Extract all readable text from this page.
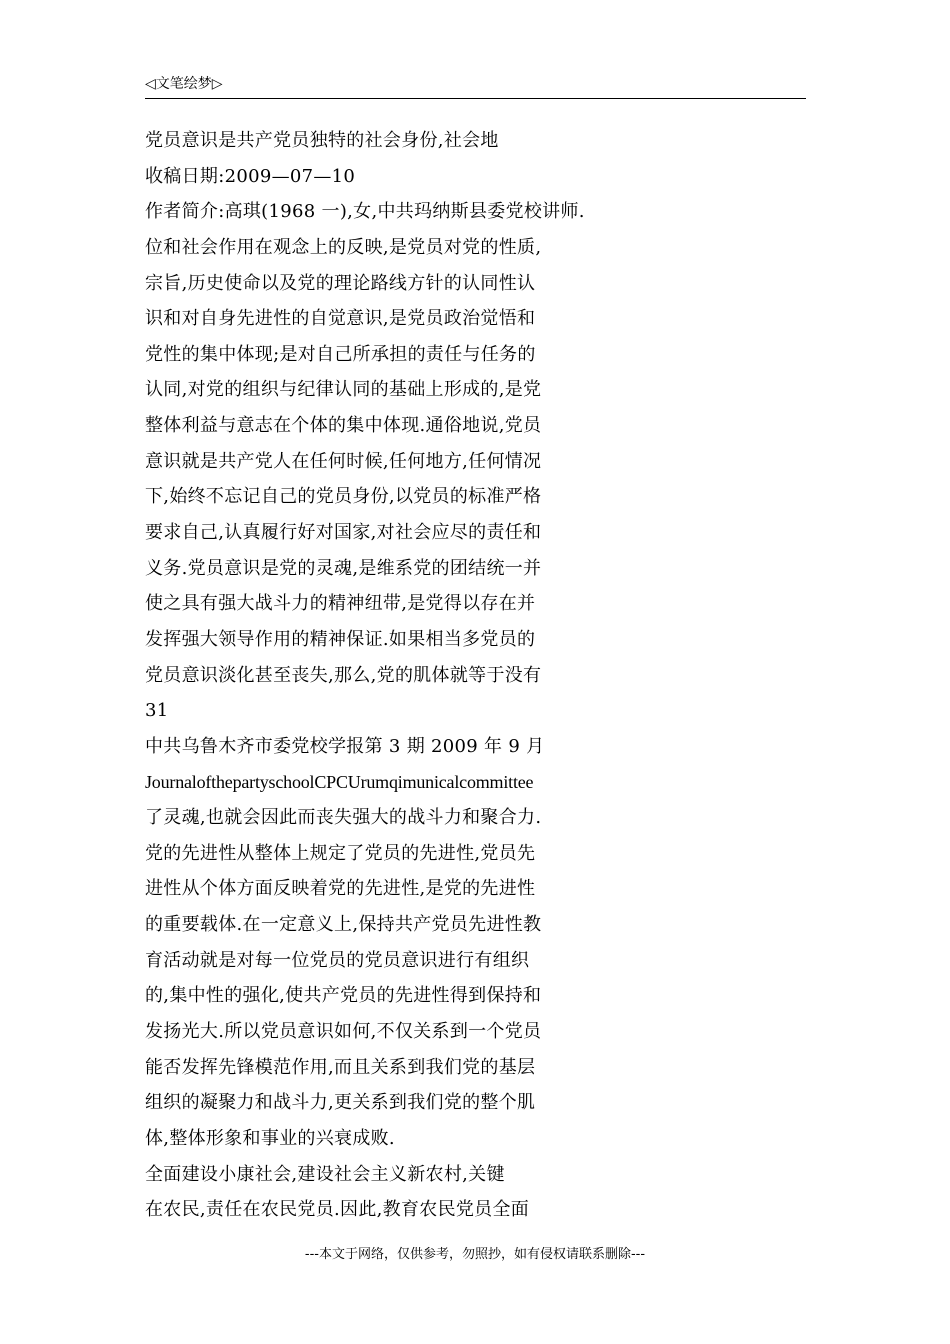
◁文笔绘梦▷
党员意识是共产党员独特的社会身份,社会地
收稿日期:2009—07—10
作者简介:高琪(1968 一),女,中共玛纳斯县委党校讲师.
位和社会作用在观念上的反映,是党员对党的性质,
宗旨,历史使命以及党的理论路线方针的认同性认
识和对自身先进性的自觉意识,是党员政治觉悟和
党性的集中体现;是对自己所承担的责任与任务的
认同,对党的组织与纪律认同的基础上形成的,是党
整体利益与意志在个体的集中体现.通俗地说,党员
意识就是共产党人在任何时候,任何地方,任何情况
下,始终不忘记自己的党员身份,以党员的标准严格
要求自己,认真履行好对国家,对社会应尽的责任和
义务.党员意识是党的灵魂,是维系党的团结统一并
使之具有强大战斗力的精神纽带,是党得以存在并
发挥强大领导作用的精神保证.如果相当多党员的
党员意识淡化甚至丧失,那么,党的肌体就等于没有
31
中共乌鲁木齐市委党校学报第 3 期 2009 年 9 月
JournalofthepartyschoolCPCUrumqimunicalcommittee
了灵魂,也就会因此而丧失强大的战斗力和聚合力.
党的先进性从整体上规定了党员的先进性,党员先
进性从个体方面反映着党的先进性,是党的先进性
的重要载体.在一定意义上,保持共产党员先进性教
育活动就是对每一位党员的党员意识进行有组织
的,集中性的强化,使共产党员的先进性得到保持和
发扬光大.所以党员意识如何,不仅关系到一个党员
能否发挥先锋模范作用,而且关系到我们党的基层
组织的凝聚力和战斗力,更关系到我们党的整个肌
体,整体形象和事业的兴衰成败.
全面建设小康社会,建设社会主义新农村,关键
在农民,责任在农民党员.因此,教育农民党员全面
---本文于网络，仅供参考，勿照抄，如有侵权请联系删除---
